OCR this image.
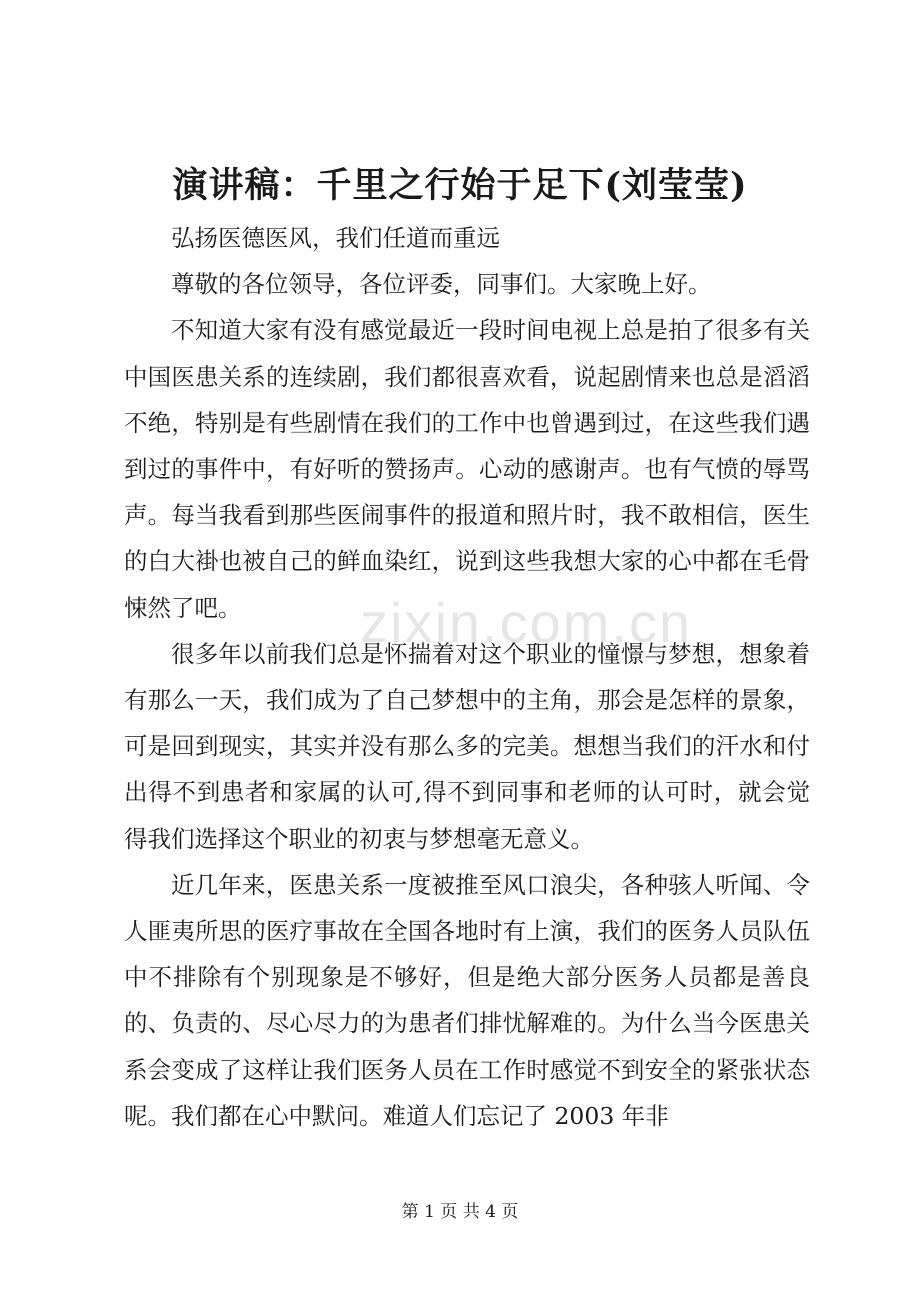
zixin.com.cn
演讲稿：千里之行始于足下(刘莹莹)

弘扬医德医风，我们任道而重远

尊敬的各位领导，各位评委，同事们。大家晚上好。

不知道大家有没有感觉最近一段时间电视上总是拍了很多有关中国医患关系的连续剧，我们都很喜欢看，说起剧情来也总是滔滔不绝，特别是有些剧情在我们的工作中也曾遇到过，在这些我们遇到过的事件中，有好听的赞扬声。心动的感谢声。也有气愤的辱骂声。每当我看到那些医闹事件的报道和照片时，我不敢相信，医生的白大褂也被自己的鲜血染红，说到这些我想大家的心中都在毛骨悚然了吧。

很多年以前我们总是怀揣着对这个职业的憧憬与梦想，想象着有那么一天，我们成为了自己梦想中的主角，那会是怎样的景象，可是回到现实，其实并没有那么多的完美。想想当我们的汗水和付出得不到患者和家属的认可,得不到同事和老师的认可时，就会觉得我们选择这个职业的初衷与梦想毫无意义。

近几年来，医患关系一度被推至风口浪尖，各种骇人听闻、令人匪夷所思的医疗事故在全国各地时有上演，我们的医务人员队伍中不排除有个别现象是不够好，但是绝大部分医务人员都是善良的、负责的、尽心尽力的为患者们排忧解难的。为什么当今医患关系会变成了这样让我们医务人员在工作时感觉不到安全的紧张状态呢。我们都在心中默问。难道人们忘记了 2003 年非

第 1 页 共 4 页
